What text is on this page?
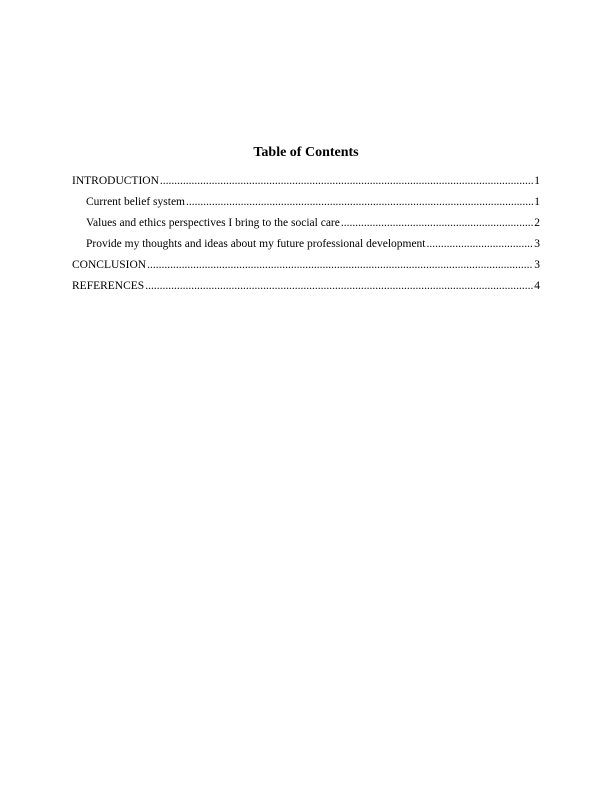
Table of Contents
INTRODUCTION .....	1
Current belief system .....	1
Values and ethics perspectives I bring to the social care .....	2
Provide my thoughts and ideas about my future professional development .....	3
CONCLUSION .....	3
REFERENCES .....	4
